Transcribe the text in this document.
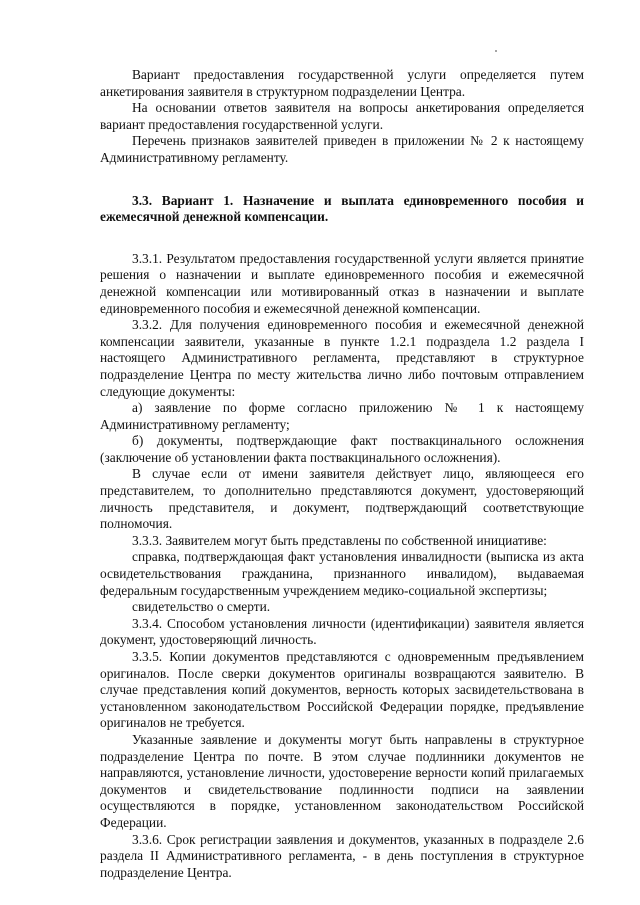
Вариант предоставления государственной услуги определяется путем анкетирования заявителя в структурном подразделении Центра.

На основании ответов заявителя на вопросы анкетирования определяется вариант предоставления государственной услуги.

Перечень признаков заявителей приведен в приложении № 2 к настоящему Административному регламенту.

3.3. Вариант 1. Назначение и выплата единовременного пособия и ежемесячной денежной компенсации.

3.3.1. Результатом предоставления государственной услуги является принятие решения о назначении и выплате единовременного пособия и ежемесячной денежной компенсации или мотивированный отказ в назначении и выплате единовременного пособия и ежемесячной денежной компенсации.

3.3.2. Для получения единовременного пособия и ежемесячной денежной компенсации заявители, указанные в пункте 1.2.1 подраздела 1.2 раздела I настоящего Административного регламента, представляют в структурное подразделение Центра по месту жительства лично либо почтовым отправлением следующие документы:

а) заявление по форме согласно приложению № 1 к настоящему Административному регламенту;

б) документы, подтверждающие факт поствакцинального осложнения (заключение об установлении факта поствакцинального осложнения).

В случае если от имени заявителя действует лицо, являющееся его представителем, то дополнительно представляются документ, удостоверяющий личность представителя, и документ, подтверждающий соответствующие полномочия.

3.3.3. Заявителем могут быть представлены по собственной инициативе:

справка, подтверждающая факт установления инвалидности (выписка из акта освидетельствования гражданина, признанного инвалидом), выдаваемая федеральным государственным учреждением медико-социальной экспертизы;

свидетельство о смерти.

3.3.4. Способом установления личности (идентификации) заявителя является документ, удостоверяющий личность.

3.3.5. Копии документов представляются с одновременным предъявлением оригиналов. После сверки документов оригиналы возвращаются заявителю. В случае представления копий документов, верность которых засвидетельствована в установленном законодательством Российской Федерации порядке, предъявление оригиналов не требуется.

Указанные заявление и документы могут быть направлены в структурное подразделение Центра по почте. В этом случае подлинники документов не направляются, установление личности, удостоверение верности копий прилагаемых документов и свидетельствование подлинности подписи на заявлении осуществляются в порядке, установленном законодательством Российской Федерации.

3.3.6. Срок регистрации заявления и документов, указанных в подразделе 2.6 раздела II Административного регламента, - в день поступления в структурное подразделение Центра.
